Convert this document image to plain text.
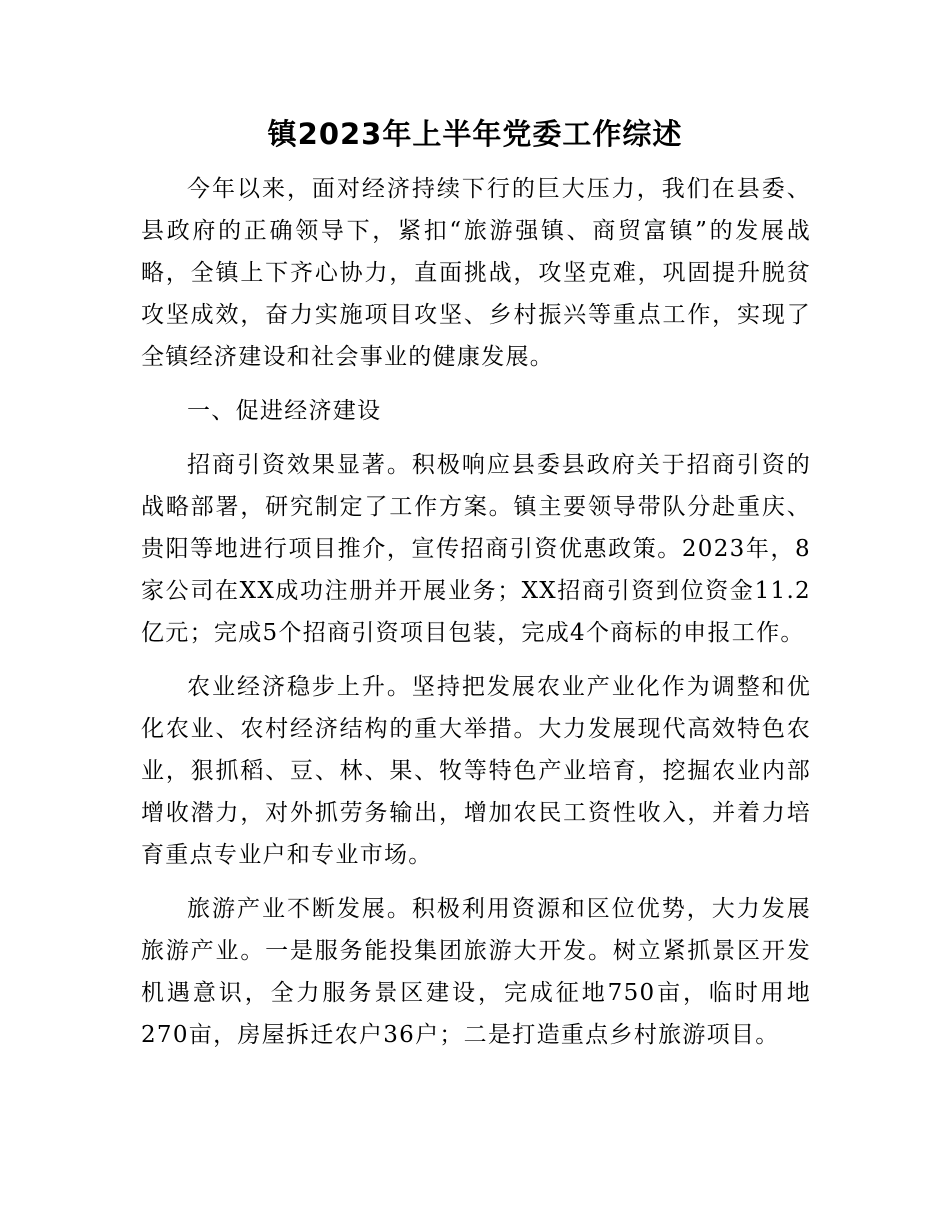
镇2023年上半年党委工作综述

今年以来，面对经济持续下行的巨大压力，我们在县委、县政府的正确领导下，紧扣“旅游强镇、商贸富镇”的发展战略，全镇上下齐心协力，直面挑战，攻坚克难，巩固提升脱贫攻坚成效，奋力实施项目攻坚、乡村振兴等重点工作，实现了全镇经济建设和社会事业的健康发展。

一、促进经济建设

招商引资效果显著。积极响应县委县政府关于招商引资的战略部署，研究制定了工作方案。镇主要领导带队分赴重庆、贵阳等地进行项目推介，宣传招商引资优惠政策。2023年，8家公司在XX成功注册并开展业务；XX招商引资到位资金11.2亿元；完成5个招商引资项目包装，完成4个商标的申报工作。

农业经济稳步上升。坚持把发展农业产业化作为调整和优化农业、农村经济结构的重大举措。大力发展现代高效特色农业，狠抓稻、豆、林、果、牧等特色产业培育，挖掘农业内部增收潜力，对外抓劳务输出，增加农民工资性收入，并着力培育重点专业户和专业市场。

旅游产业不断发展。积极利用资源和区位优势，大力发展旅游产业。一是服务能投集团旅游大开发。树立紧抓景区开发机遇意识，全力服务景区建设，完成征地750亩，临时用地270亩，房屋拆迁农户36户；二是打造重点乡村旅游项目。
